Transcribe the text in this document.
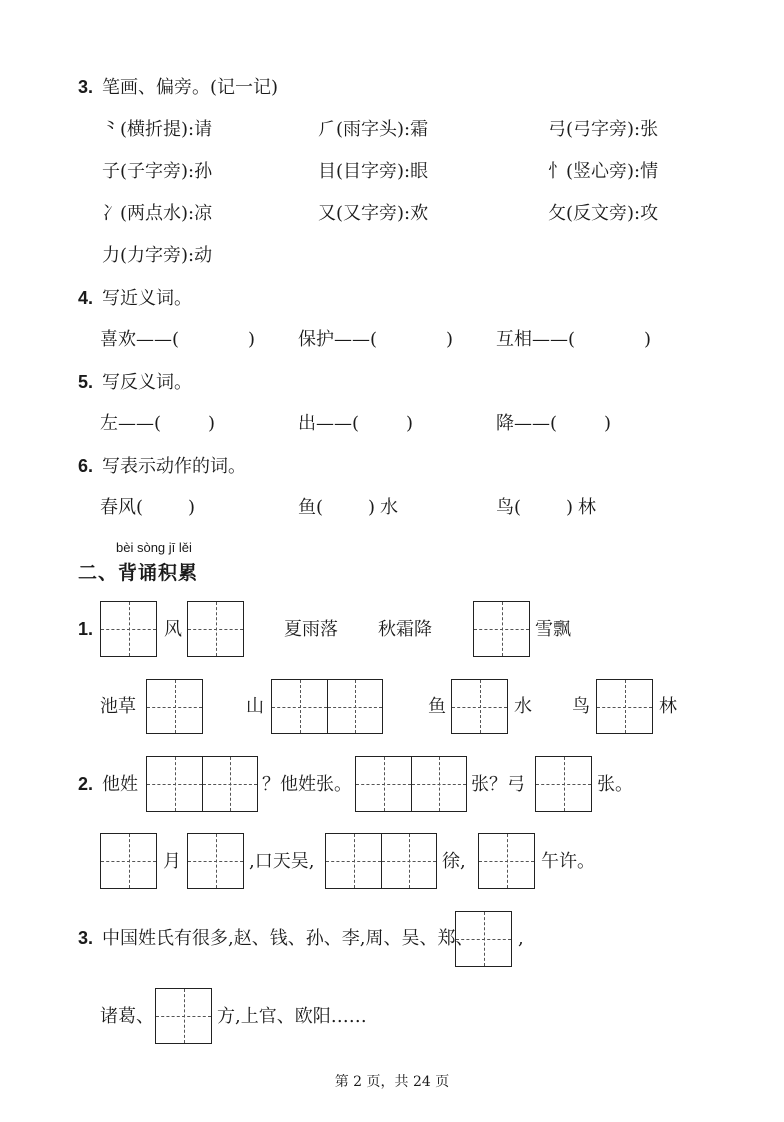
3. 笔画、偏旁。(记一记)
⺀(横折提):请	⺁(雨字头):霜	弓(弓字旁):张
子(子字旁):孙	目(目字旁):眼	忄(竖心旁):情
冫(两点水):凉	又(又字旁):欢	攵(反文旁):攻
力(力字旁):动
4. 写近义词。
喜欢——(	) 保护——(	) 互相——(	)
5. 写反义词。
左——(	)	出——(	)	降——(	)
6. 写表示动作的词。
春风( )	鱼( ) 水	鸟( ) 林
bèi sòng jī lěi
二、背诵积累
1.	风	夏雨落 秋霜降	雪飘
池草	山	鱼	水 鸟	林
2. 他姓	？他姓张。	张？弓	张。
月	,口天吴,	徐,	午许。
3. 中国姓氏有很多,赵、钱、孙、李,周、吴、郑、 ,
诸葛、	方,上官、欧阳……
第 2 页，共 24 页
